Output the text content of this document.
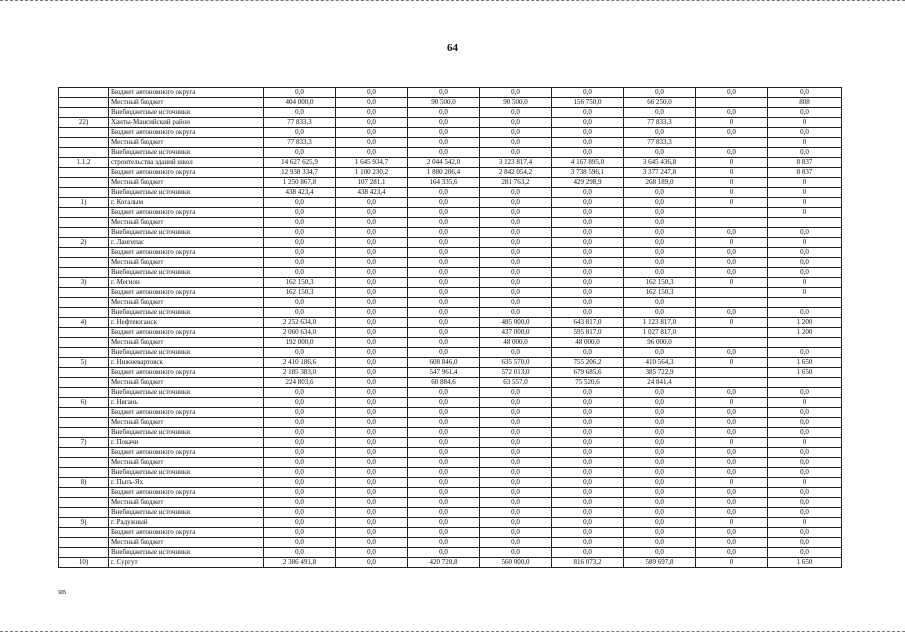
64
	Бюджет автономного округа	0,0	0,0	0,0	0,0	0,0	0,0	0,0	0,0
	Местный бюджет	404 000,0	0,0	90 500,0	90 500,0	156 750,0	66 250,0		808
	Внебюджетные источники	0,0	0,0	0,0	0,0	0,0	0,0	0,0	0,0
22)	Ханты-Мансийский район	77 833,3	0,0	0,0	0,0	0,0	77 833,3	0	0
	Бюджет автономного округа	0,0	0,0	0,0	0,0	0,0	0,0	0,0	0,0
	Местный бюджет	77 833,3	0,0	0,0	0,0	0,0	77 833,3		0
	Внебюджетные источники	0,0	0,0	0,0	0,0	0,0	0,0	0,0	0,0
1.1.2	строительства зданий школ	14 627 625,9	1 645 934,7	2 044 542,0	3 123 817,4	4 167 895,0	3 645 436,8	0	8 837
	Бюджет автономного округа	12 938 334,7	1 100 230,2	1 880 206,4	2 842 054,2	3 738 596,1	3 377 247,8	0	8 837
	Местный бюджет	1 250 867,8	107 281,1	164 335,6	281 763,2	429 298,9	268 189,0	0	0
	Внебюджетные источники	438 423,4	438 423,4	0,0	0,0	0,0	0,0	0	0
1)	г. Когалым	0,0	0,0	0,0	0,0	0,0	0,0	0	0
	Бюджет автономного округа	0,0	0,0	0,0	0,0	0,0	0,0		0
	Местный бюджет	0,0	0,0	0,0	0,0	0,0	0,0		
	Внебюджетные источники	0,0	0,0	0,0	0,0	0,0	0,0	0,0	0,0
2)	г. Лангепас	0,0	0,0	0,0	0,0	0,0	0,0	0	0
	Бюджет автономного округа	0,0	0,0	0,0	0,0	0,0	0,0	0,0	0,0
	Местный бюджет	0,0	0,0	0,0	0,0	0,0	0,0	0,0	0,0
	Внебюджетные источники	0,0	0,0	0,0	0,0	0,0	0,0	0,0	0,0
3)	г. Мегион	162 150,3	0,0	0,0	0,0	0,0	162 150,3	0	0
	Бюджет автономного округа	162 150,3	0,0	0,0	0,0	0,0	162 150,3		0
	Местный бюджет	0,0	0,0	0,0	0,0	0,0	0,0		
	Внебюджетные источники	0,0	0,0	0,0	0,0	0,0	0,0	0,0	0,0
4)	г. Нефтеюганск	2 252 634,0	0,0	0,0	485 000,0	643 817,0	1 123 817,0	0	1 200
	Бюджет автономного округа	2 060 634,0	0,0	0,0	437 000,0	595 817,0	1 027 817,0		1 200
	Местный бюджет	192 000,0	0,0	0,0	48 000,0	48 000,0	96 000,0		
	Внебюджетные источники	0,0	0,0	0,0	0,0	0,0	0,0	0,0	0,0
5)	г. Нижневартовск	2 410 186,6	0,0	608 846,0	635 570,0	755 206,2	410 564,3	0	1 650
	Бюджет автономного округа	2 185 383,0	0,0	547 961,4	572 013,0	679 685,6	385 722,9		1 650
	Местный бюджет	224 803,6	0,0	60 884,6	63 557,0	75 520,6	24 841,4		
	Внебюджетные источники	0,0	0,0	0,0	0,0	0,0	0,0	0,0	0,0
6)	г. Нягань	0,0	0,0	0,0	0,0	0,0	0,0	0	0
	Бюджет автономного округа	0,0	0,0	0,0	0,0	0,0	0,0	0,0	0,0
	Местный бюджет	0,0	0,0	0,0	0,0	0,0	0,0	0,0	0,0
	Внебюджетные источники	0,0	0,0	0,0	0,0	0,0	0,0	0,0	0,0
7)	г. Покачи	0,0	0,0	0,0	0,0	0,0	0,0	0	0
	Бюджет автономного округа	0,0	0,0	0,0	0,0	0,0	0,0	0,0	0,0
	Местный бюджет	0,0	0,0	0,0	0,0	0,0	0,0	0,0	0,0
	Внебюджетные источники	0,0	0,0	0,0	0,0	0,0	0,0	0,0	0,0
8)	г. Пыть-Ях	0,0	0,0	0,0	0,0	0,0	0,0	0	0
	Бюджет автономного округа	0,0	0,0	0,0	0,0	0,0	0,0	0,0	0,0
	Местный бюджет	0,0	0,0	0,0	0,0	0,0	0,0	0,0	0,0
	Внебюджетные источники	0,0	0,0	0,0	0,0	0,0	0,0	0,0	0,0
9)	г. Радужный	0,0	0,0	0,0	0,0	0,0	0,0	0	0
	Бюджет автономного округа	0,0	0,0	0,0	0,0	0,0	0,0	0,0	0,0
	Местный бюджет	0,0	0,0	0,0	0,0	0,0	0,0	0,0	0,0
	Внебюджетные источники	0,0	0,0	0,0	0,0	0,0	0,0	0,0	0,0
10)	г. Сургут	2 386 491,8	0,0	420 720,8	560 000,0	816 073,2	589 697,8	0	1 650
ЯВ
